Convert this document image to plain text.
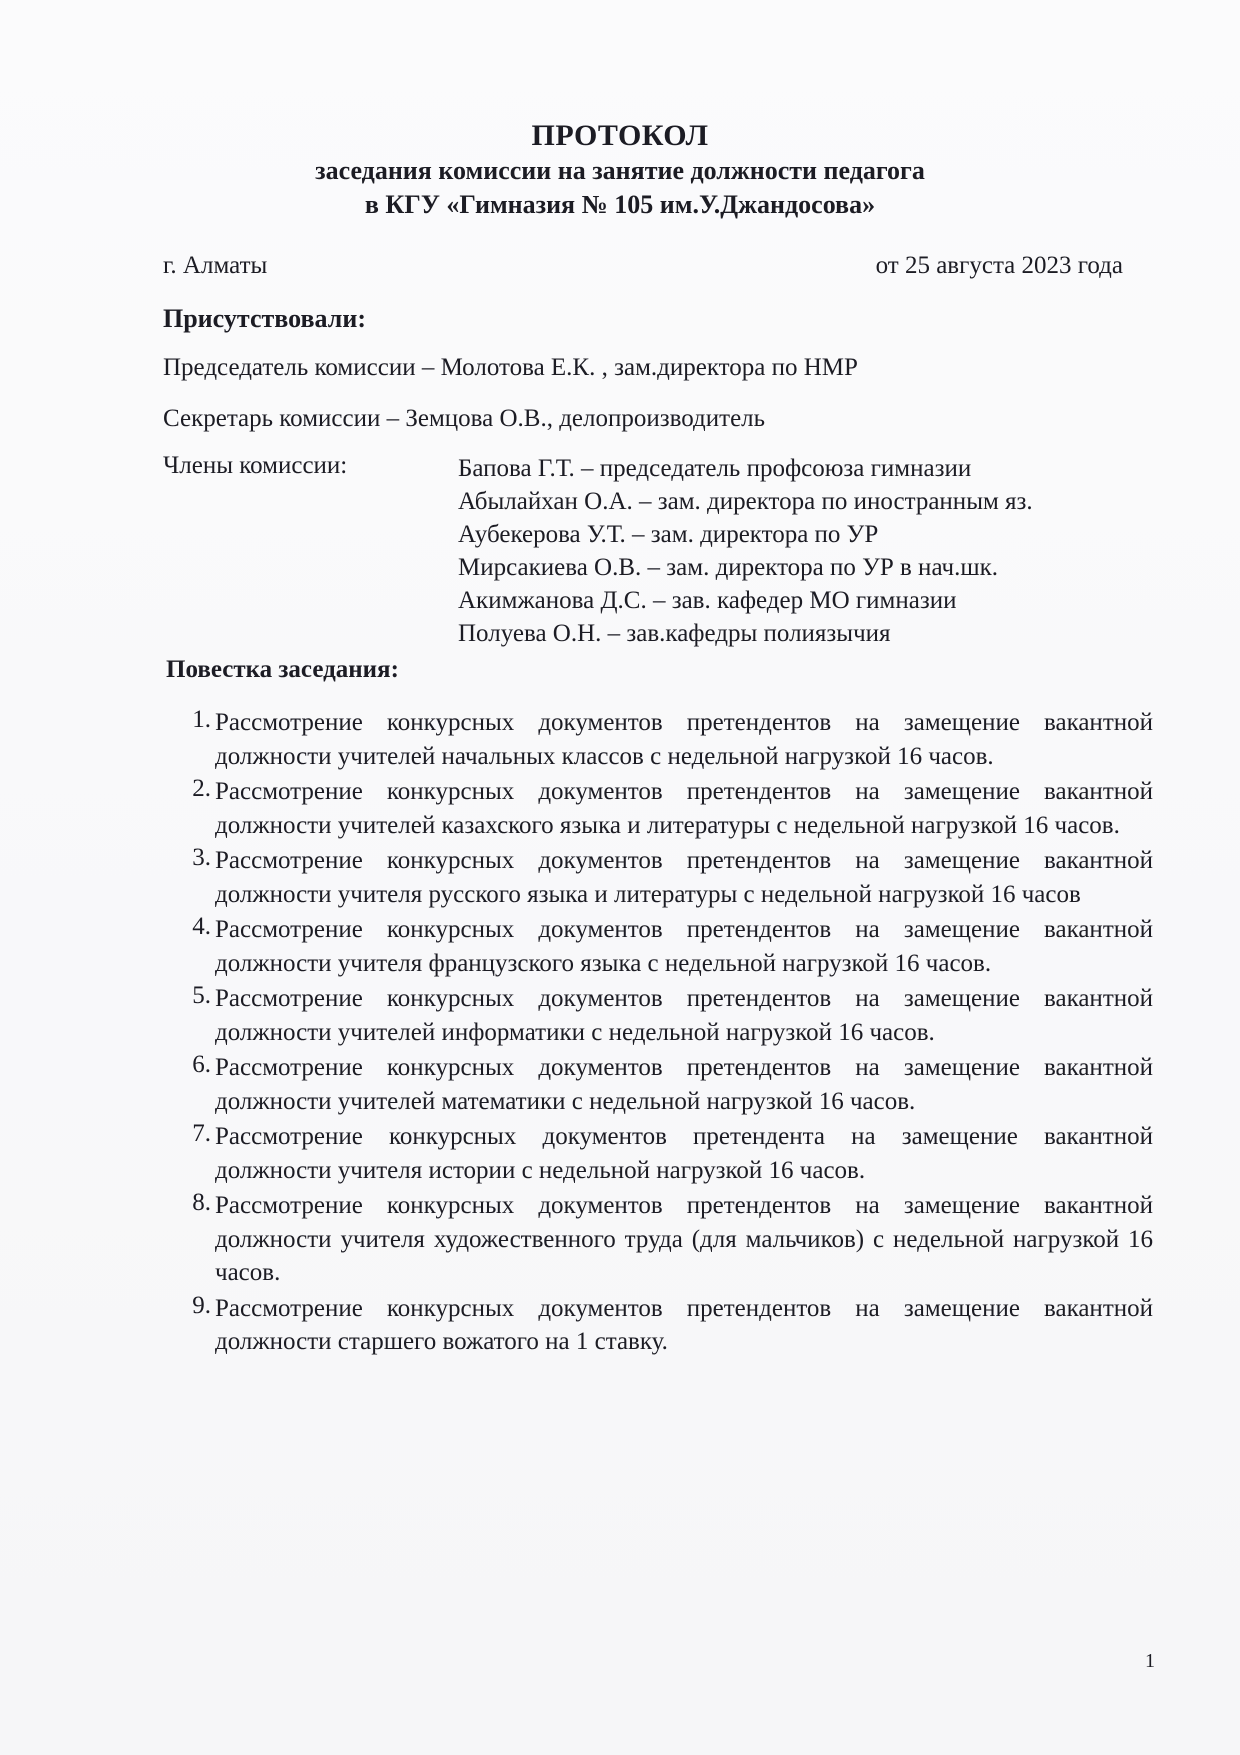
ПРОТОКОЛ
заседания комиссии на занятие должности педагога
в КГУ «Гимназия № 105 им.У.Джандосова»
г. Алматы	от 25 августа 2023 года
Присутствовали:
Председатель комиссии – Молотова Е.К. , зам.директора по НМР
Секретарь комиссии – Земцова О.В., делопроизводитель
Члены комиссии:	Бапова Г.Т. – председатель профсоюза гимназии
Абылайхан О.А. – зам. директора по иностранным яз.
Аубекерова У.Т. – зам. директора по УР
Мирсакиева О.В. – зам. директора по УР в нач.шк.
Акимжанова Д.С. – зав. кафедер МО гимназии
Полуева О.Н. – зав.кафедры полиязычия
Повестка заседания:
1. Рассмотрение конкурсных документов претендентов на замещение вакантной должности учителей начальных классов с недельной нагрузкой 16 часов.
2. Рассмотрение конкурсных документов претендентов на замещение вакантной должности учителей казахского языка и литературы с недельной нагрузкой 16 часов.
3. Рассмотрение конкурсных документов претендентов на замещение вакантной должности учителя русского языка и литературы с недельной нагрузкой 16 часов
4. Рассмотрение конкурсных документов претендентов на замещение вакантной должности учителя французского языка с недельной нагрузкой 16 часов.
5. Рассмотрение конкурсных документов претендентов на замещение вакантной должности учителей информатики с недельной нагрузкой 16 часов.
6. Рассмотрение конкурсных документов претендентов на замещение вакантной должности учителей математики с недельной нагрузкой 16 часов.
7. Рассмотрение конкурсных документов претендента на замещение вакантной должности учителя истории с недельной нагрузкой 16 часов.
8. Рассмотрение конкурсных документов претендентов на замещение вакантной должности учителя художественного труда (для мальчиков) с недельной нагрузкой 16 часов.
9. Рассмотрение конкурсных документов претендентов на замещение вакантной должности старшего вожатого на 1 ставку.
1
